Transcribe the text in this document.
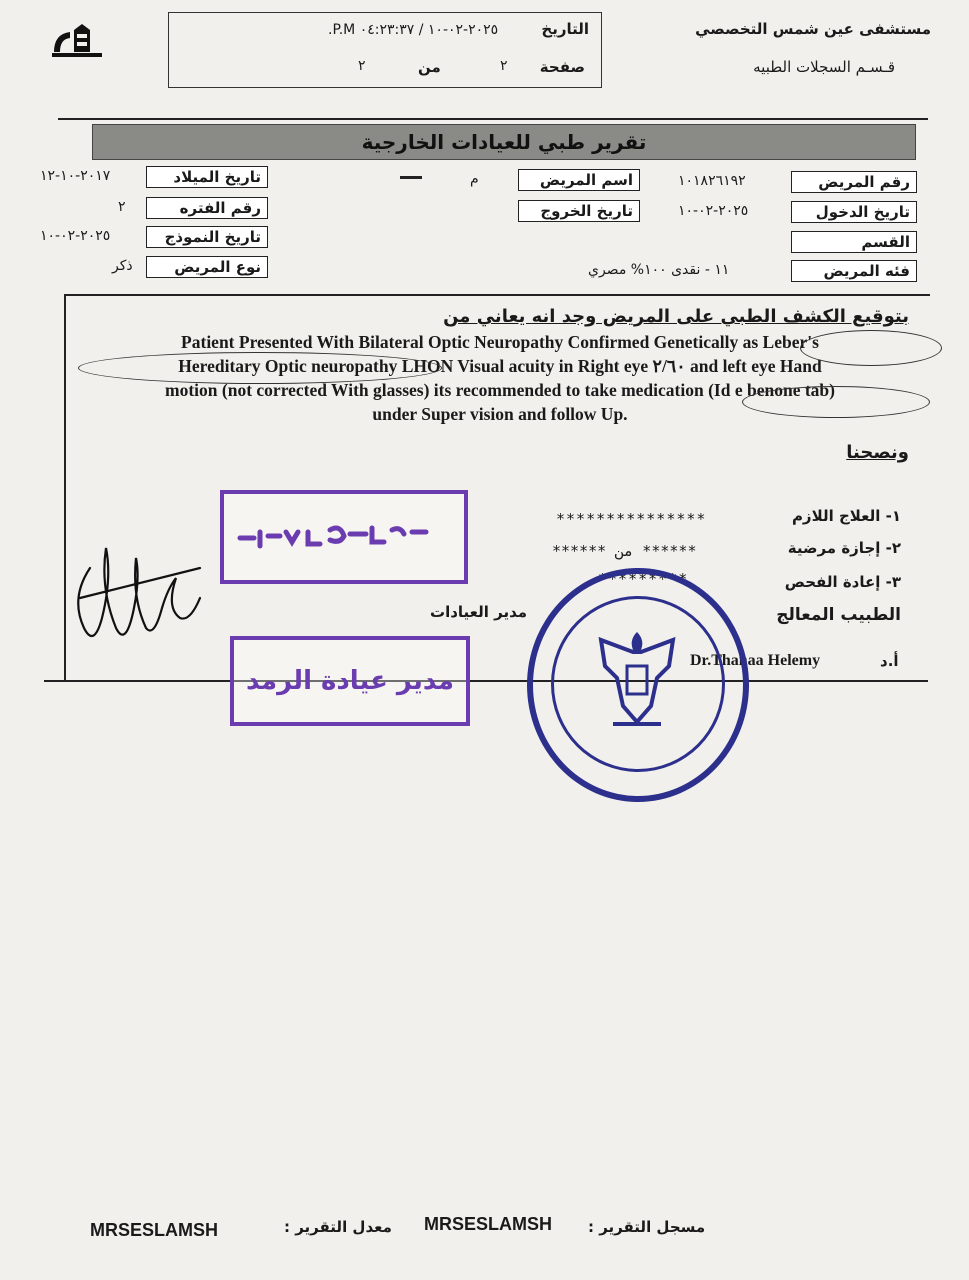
مستشفى عين شمس التخصصي
قـسـم السجلات الطبيه
التاريخ
٢٠٢٥-٠٢-١٠ / ٠٤:٢٣:٣٧ P.M.
صفحة
٢
من
٢
تقرير طبي للعيادات الخارجية
رقم المريض
١٠١٨٢٦١٩٢
اسم المريض
م
تاريخ الميلاد
٢٠١٧-١٠-١٢
تاريخ الدخول
٢٠٢٥-٠٢-١٠
تاريخ الخروج
رقم الفتره
٢
القسم
تاريخ النموذج
٢٠٢٥-٠٢-١٠
فئه المريض
١١ - نقدى ١٠٠% مصري
نوع المريض
ذكر
بتوقيع الكشف الطبي على المريض وجد انه يعاني من
Patient Presented With Bilateral Optic Neuropathy Confirmed Genetically as Leber's
Hereditary Optic neuropathy LHON Visual acuity in Right eye ٢/٦٠ and left eye Hand
motion (not corrected With glasses) its recommended to take medication (Id e benone tab)
under Super vision and follow Up.
ونصحنا
١- العلاج اللازم
***************
٢- إجازة مرضية
****** من ******
٣- إعادة الفحص
*********
الطبيب المعالج
مدير العيادات
Dr.Thanaa Helemy	أ.د
مدير عيادة الرمد
مسجل التقرير :
MRSESLAMSH
معدل التقرير :
MRSESLAMSH
